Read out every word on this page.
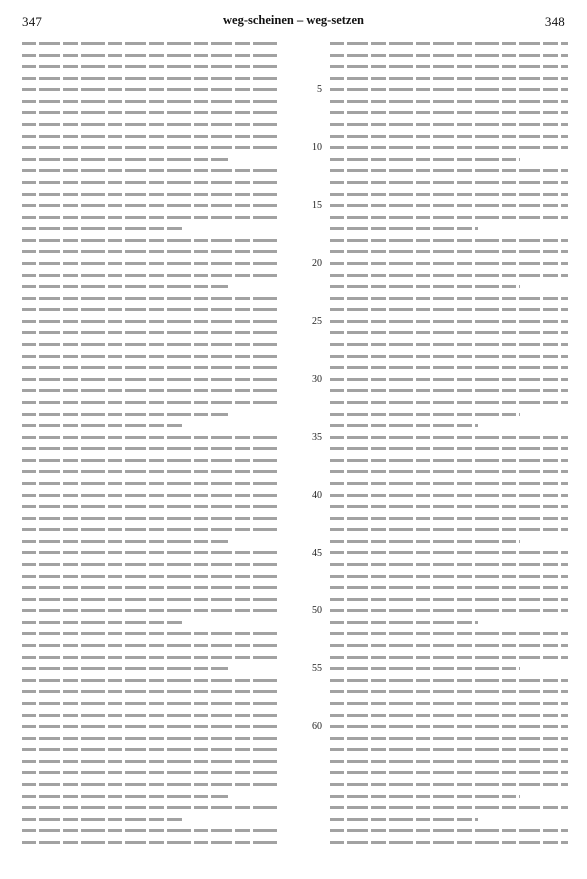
347	weg-scheinen – weg-setzen	348
5
10
15
20
25
30
35
40
45
50
55
60
